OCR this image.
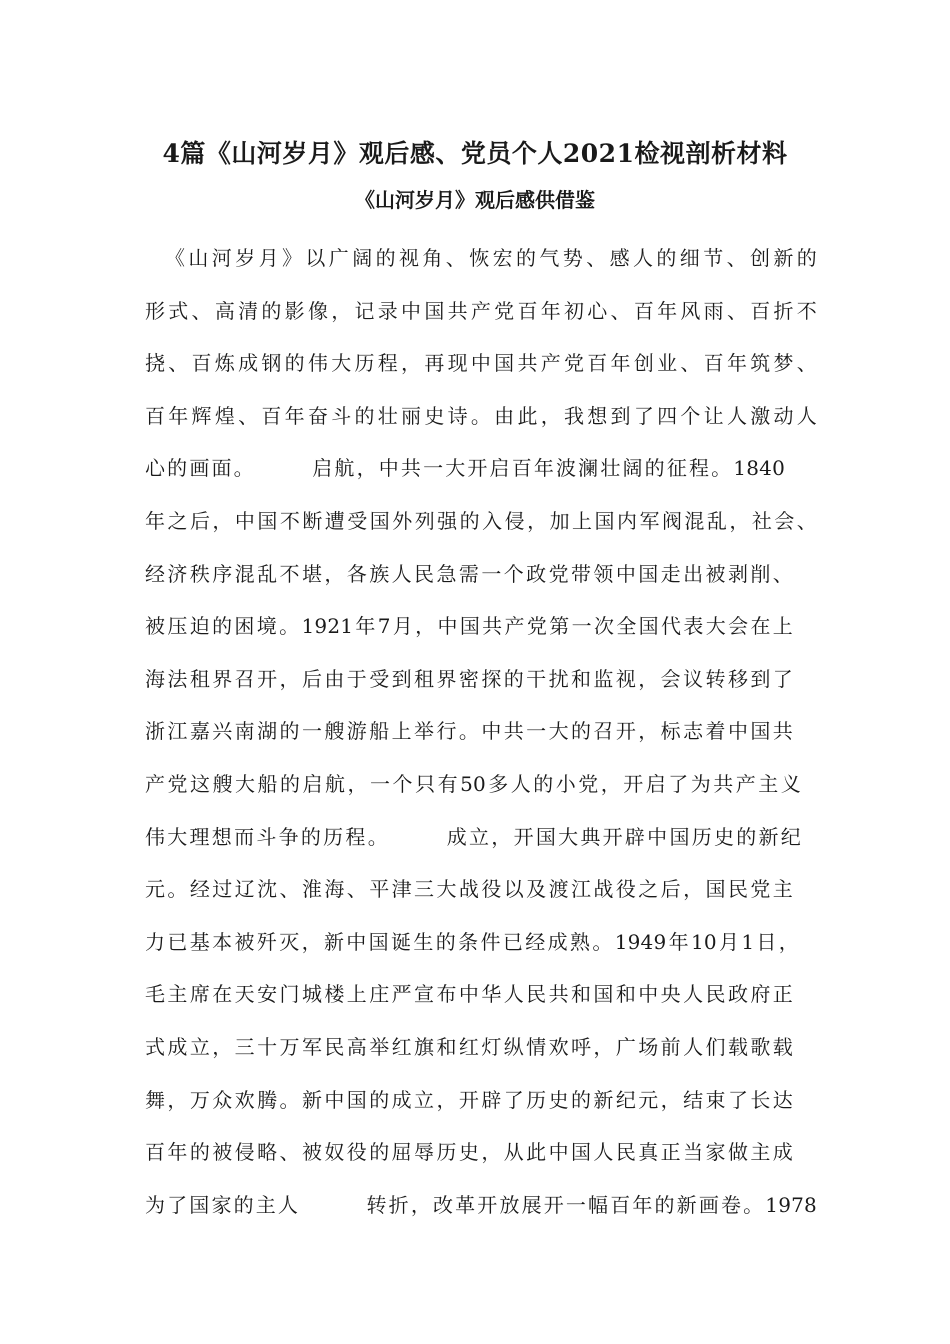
4篇《山河岁月》观后感、党员个人2021检视剖析材料
《山河岁月》观后感供借鉴
《山河岁月》以广阔的视角、恢宏的气势、感人的细节、创新的
形式、高清的影像，记录中国共产党百年初心、百年风雨、百折不
挠、百炼成钢的伟大历程，再现中国共产党百年创业、百年筑梦、
百年辉煌、百年奋斗的壮丽史诗。由此，我想到了四个让人激动人
心的画面。　　　启航，中共一大开启百年波澜壮阔的征程。1840
年之后，中国不断遭受国外列强的入侵，加上国内军阀混乱，社会、
经济秩序混乱不堪，各族人民急需一个政党带领中国走出被剥削、
被压迫的困境。1921年7月，中国共产党第一次全国代表大会在上
海法租界召开，后由于受到租界密探的干扰和监视，会议转移到了
浙江嘉兴南湖的一艘游船上举行。中共一大的召开，标志着中国共
产党这艘大船的启航，一个只有50多人的小党，开启了为共产主义
伟大理想而斗争的历程。　　　成立，开国大典开辟中国历史的新纪
元。经过辽沈、淮海、平津三大战役以及渡江战役之后，国民党主
力已基本被歼灭，新中国诞生的条件已经成熟。1949年10月1日，
毛主席在天安门城楼上庄严宣布中华人民共和国和中央人民政府正
式成立，三十万军民高举红旗和红灯纵情欢呼，广场前人们载歌载
舞，万众欢腾。新中国的成立，开辟了历史的新纪元，结束了长达
百年的被侵略、被奴役的屈辱历史，从此中国人民真正当家做主成
为了国家的主人　　　转折，改革开放展开一幅百年的新画卷。1978
